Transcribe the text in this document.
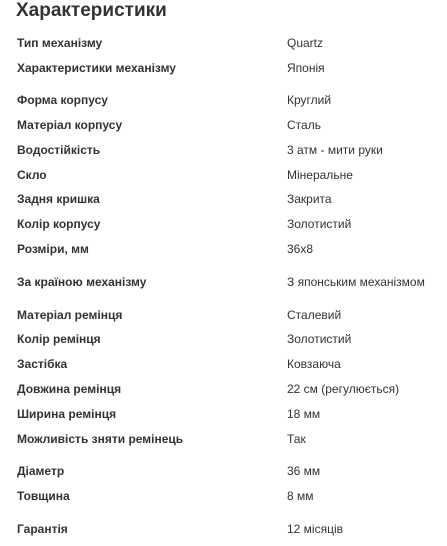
Характеристики
Тип механізму	Quartz
Характеристики механізму	Японія
Форма корпусу	Круглий
Матеріал корпусу	Сталь
Водостійкість	3 атм - мити руки
Скло	Мінеральне
Задня кришка	Закрита
Колір корпусу	Золотистий
Розміри, мм	36x8
За країною механізму	З японським механізмом
Матеріал ремінця	Сталевий
Колір ремінця	Золотистий
Застібка	Ковзаюча
Довжина ремінця	22 см (регулюється)
Ширина ремінця	18 мм
Можливість зняти ремінець	Так
Діаметр	36 мм
Товщина	8 мм
Гарантія	12 місяців
